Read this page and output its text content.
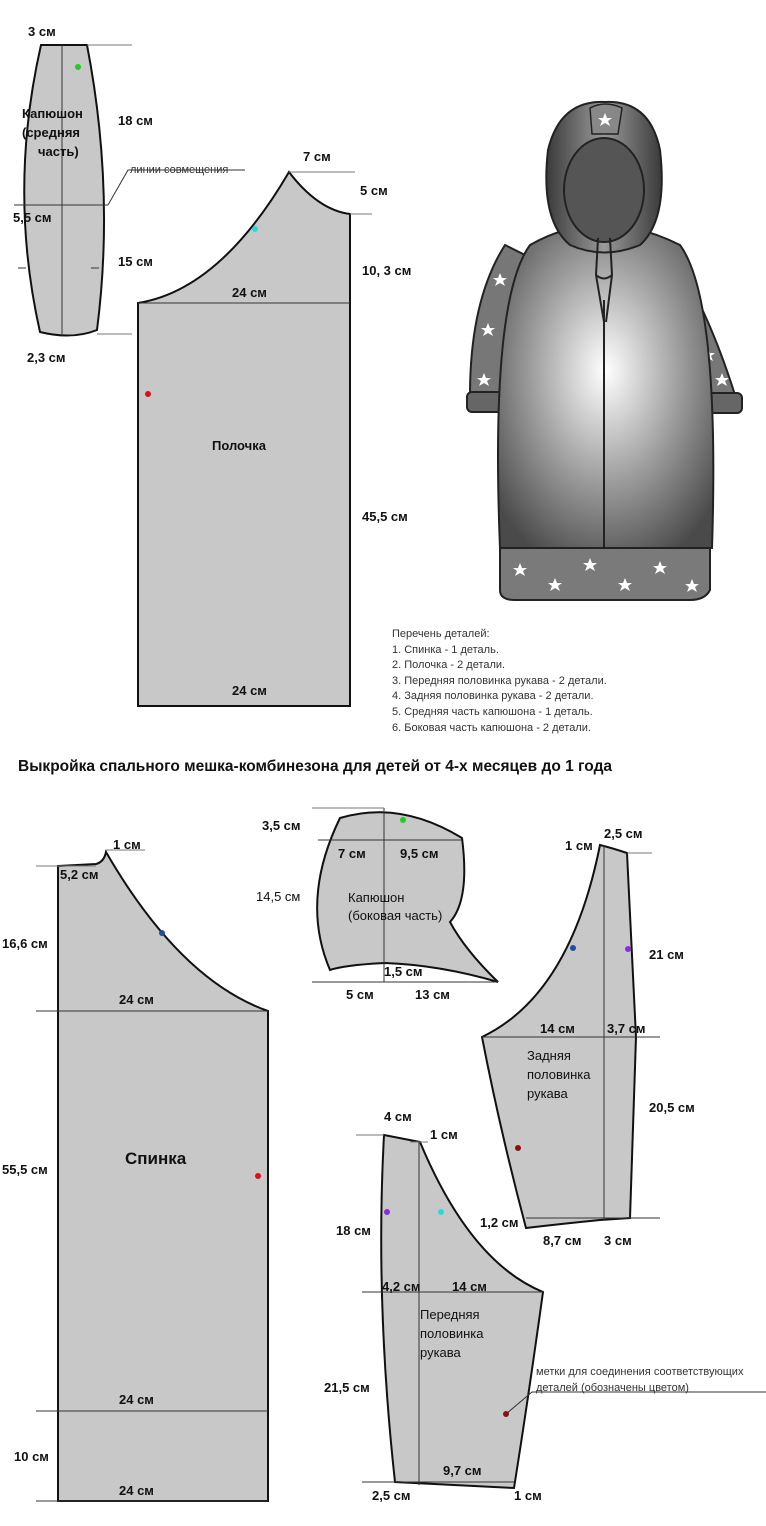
3 см
Капюшон
(средняя
часть)
18 см
линии совмещения
5,5 см
15 см
2,3 см
7 см
5 см
10, 3 см
24 см
Полочка
45,5 см
24 см
1 см
5,2 см
16,6 см
24 см
Спинка
55,5 см
24 см
10 см
24 см
3,5 см
7 см	9,5 см
14,5 см	Капюшон
(боковая часть)
1,5 см
5 см	13 см
1 см
2,5 см
21 см
14 см 3,7 см
Задняя
половинка
рукава
20,5 см
1,2 см
8,7 см 3 см
4 см
1 см
18 см
4,2 см 14 см
Передняя
половинка
рукава
21,5 см
9,7 см
2,5 см	1 см
метки для соединения соответствующих
деталей (обозначены цветом)
Перечень деталей:
1. Спинка - 1 деталь.
2. Полочка - 2 детали.
3. Передняя половинка рукава - 2 детали.
4. Задняя половинка рукава - 2 детали.
5. Средняя часть капюшона - 1 деталь.
6. Боковая часть капюшона - 2 детали.
Выкройка спального мешка-комбинезона для детей от 4-х месяцев до 1 года
